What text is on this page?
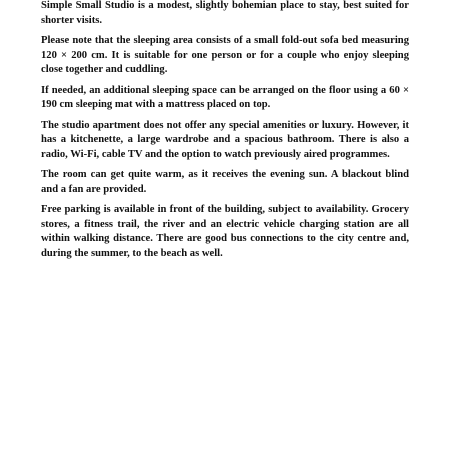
Simple Small Studio is a modest, slightly bohemian place to stay, best suited for shorter visits.

Please note that the sleeping area consists of a small fold-out sofa bed measuring 120 × 200 cm. It is suitable for one person or for a couple who enjoy sleeping close together and cuddling.

If needed, an additional sleeping space can be arranged on the floor using a 60 × 190 cm sleeping mat with a mattress placed on top.

The studio apartment does not offer any special amenities or luxury. However, it has a kitchenette, a large wardrobe and a spacious bathroom. There is also a radio, Wi-Fi, cable TV and the option to watch previously aired programmes.

The room can get quite warm, as it receives the evening sun. A blackout blind and a fan are provided.

Free parking is available in front of the building, subject to availability. Grocery stores, a fitness trail, the river and an electric vehicle charging station are all within walking distance. There are good bus connections to the city centre and, during the summer, to the beach as well.
